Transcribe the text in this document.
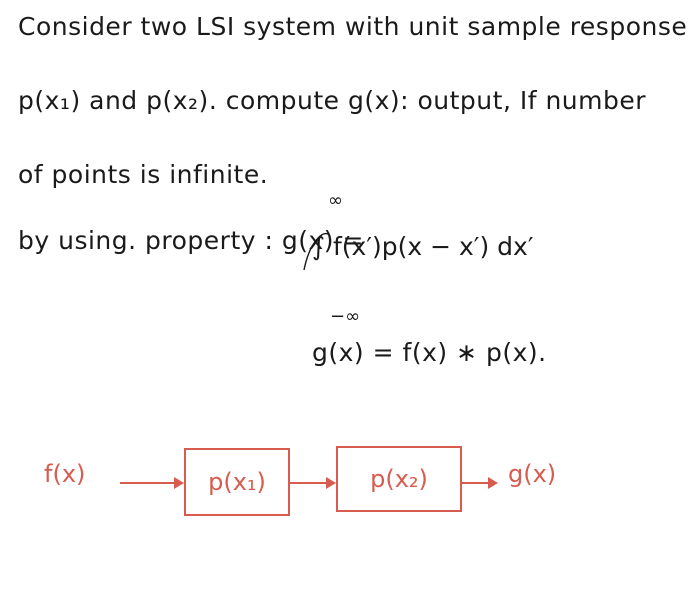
Consider two LSI system with unit sample response
p(x₁) and p(x₂). compute g(x): output, If number
of points is infinite.
by using. property : g(x) =
∞
∫ f(x′)p(x − x′) dx′
−∞
g(x) = f(x) ∗ p(x).
f(x)	p(x₁)	p(x₂)	g(x)
